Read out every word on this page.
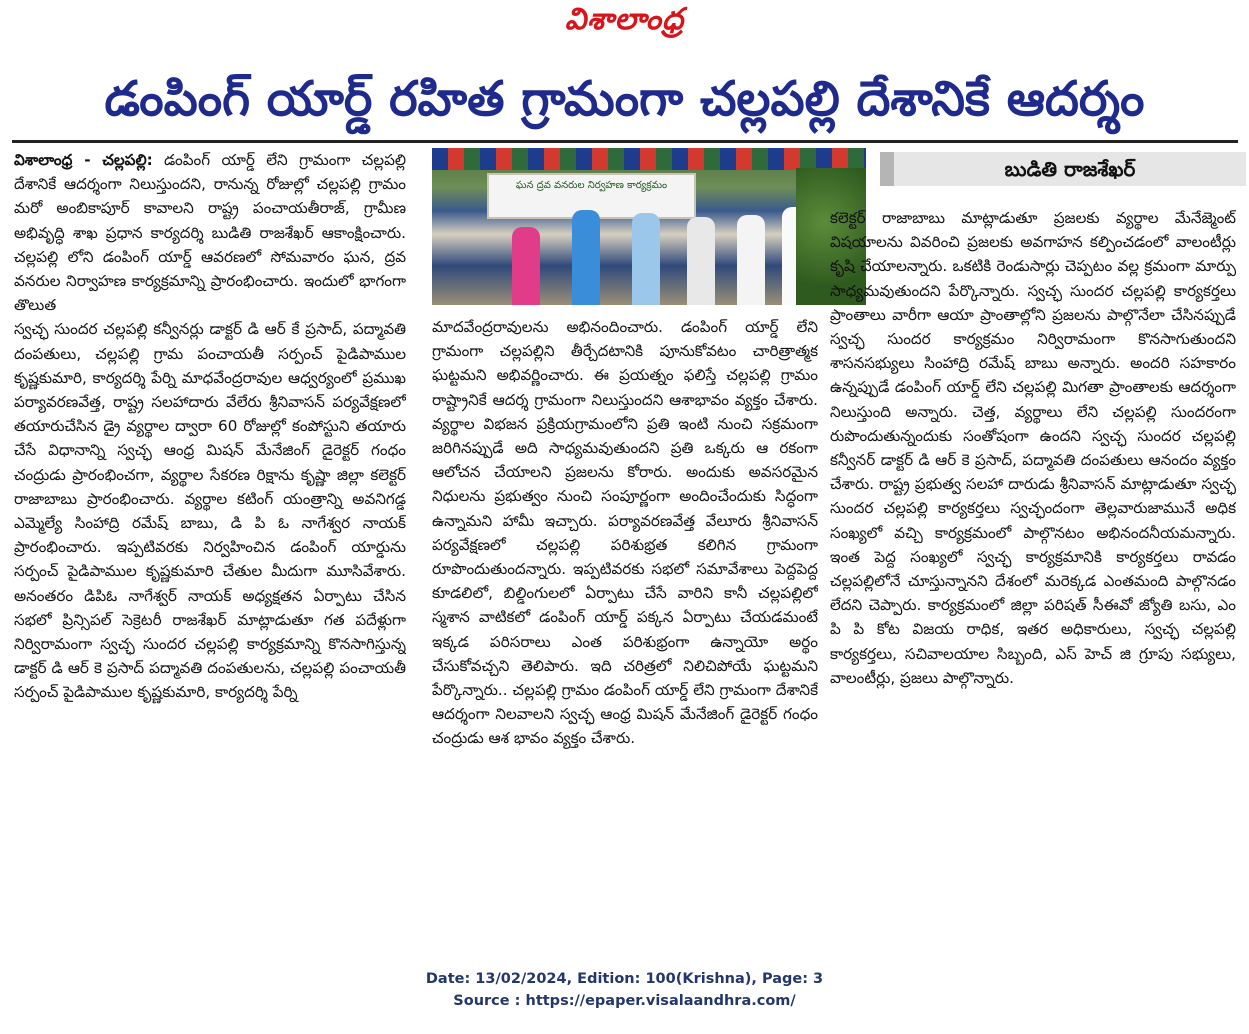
విశాలాంధ్ర
డంపింగ్ యార్డ్ రహిత గ్రామంగా చల్లపల్లి దేశానికే ఆదర్శం

విశాలాంధ్ర - చల్లపల్లి: డంపింగ్ యార్డ్ లేని గ్రామంగా చల్లపల్లి దేశానికే ఆదర్శంగా నిలుస్తుందని, రానున్న రోజుల్లో చల్లపల్లి గ్రామం మరో అంబికాపూర్ కావాలని రాష్ట్ర పంచాయతీరాజ్, గ్రామీణ అభివృద్ధి శాఖ ప్రధాన కార్యదర్శి బుడితి రాజశేఖర్ ఆకాంక్షించారు. చల్లపల్లి లోని డంపింగ్ యార్డ్ ఆవరణలో సోమవారం ఘన, ద్రవ వనరుల నిర్వాహణ కార్యక్రమాన్ని ప్రారంభించారు. ఇందులో భాగంగా తొలుత

స్వచ్ఛ సుందర చల్లపల్లి కన్వీనర్లు డాక్టర్ డి ఆర్ కే ప్రసాద్, పద్మావతి దంపతులు, చల్లపల్లి గ్రామ పంచాయతీ సర్పంచ్ పైడిపాముల కృష్ణకుమారి, కార్యదర్శి పేర్ని మాధవేంద్రరావుల ఆధ్వర్యంలో ప్రముఖ పర్యావరణవేత్త, రాష్ట్ర సలహాదారు వేలేరు శ్రీనివాసన్ పర్యవేక్షణలో తయారుచేసిన డ్రై వ్యర్థాల ద్వారా 60 రోజుల్లో కంపోస్టుని తయారు చేసే విధానాన్ని స్వచ్ఛ ఆంధ్ర మిషన్ మేనేజింగ్ డైరెక్టర్ గంధం చంద్రుడు ప్రారంభించగా, వ్యర్థాల సేకరణ రిక్షాను కృష్ణా జిల్లా కలెక్టర్ రాజాబాబు ప్రారంభించారు. వ్యర్థాల కటింగ్ యంత్రాన్ని అవనిగడ్డ ఎమ్మెల్యే సింహాద్రి రమేష్ బాబు, డి పి ఓ నాగేశ్వర నాయక్ ప్రారంభించారు. ఇప్పటివరకు నిర్వహించిన డంపింగ్ యార్డును సర్పంచ్ పైడిపాముల కృష్ణకుమారి చేతుల మీదుగా మూసివేశారు. అనంతరం డిపిఓ నాగేశ్వర్ నాయక్ అధ్యక్షతన ఏర్పాటు చేసిన సభలో ప్రిన్సిపల్ సెక్రెటరీ రాజశేఖర్ మాట్లాడుతూ గత పదేళ్లుగా నిర్విరామంగా స్వచ్ఛ సుందర చల్లపల్లి కార్యక్రమాన్ని కొనసాగిస్తున్న డాక్టర్ డి ఆర్ కె ప్రసాద్ పద్మావతి దంపతులను, చల్లపల్లి పంచాయతీ సర్పంచ్ పైడిపాముల కృష్ణకుమారి, కార్యదర్శి పేర్ని

ఘన ద్రవ వనరుల నిర్వహణ కార్యక్రమం
బుడితి రాజశేఖర్

మాదవేంద్రరావులను అభినందించారు. డంపింగ్ యార్డ్ లేని గ్రామంగా చల్లపల్లిని తీర్చేదటానికి పూనుకోవటం చారిత్రాత్మక ఘట్టమని అభివర్ణించారు. ఈ ప్రయత్నం ఫలిస్తే చల్లపల్లి గ్రామం రాష్ట్రానికే ఆదర్శ గ్రామంగా నిలుస్తుందని ఆశాభావం వ్యక్తం చేశారు. వ్యర్థాల విభజన ప్రక్రియగ్రామంలోని ప్రతి ఇంటి నుంచి సక్రమంగా జరిగినప్పుడే అది సాధ్యమవుతుందని ప్రతి ఒక్కరు ఆ రకంగా ఆలోచన చేయాలని ప్రజలను కోరారు. అందుకు అవసరమైన నిధులను ప్రభుత్వం నుంచి సంపూర్ణంగా అందించేందుకు సిద్ధంగా ఉన్నామని హామీ ఇచ్చారు. పర్యావరణవేత్త వేలూరు శ్రీనివాసన్ పర్యవేక్షణలో చల్లపల్లి పరిశుభ్రత కలిగిన గ్రామంగా రూపొందుతుందన్నారు. ఇప్పటివరకు సభలో సమావేశాలు పెద్దపెద్ద కూడలిలో, బిల్డింగులలో ఏర్పాటు చేసే వారిని కానీ చల్లపల్లిలో స్మశాన వాటికలో డంపింగ్ యార్డ్ పక్కన ఏర్పాటు చేయడమంటే ఇక్కడ పరిసరాలు ఎంత పరిశుభ్రంగా ఉన్నాయో అర్థం చేసుకోవచ్చని తెలిపారు. ఇది చరిత్రలో నిలిచిపోయే ఘట్టమని పేర్కొన్నారు.. చల్లపల్లి గ్రామం డంపింగ్ యార్డ్ లేని గ్రామంగా దేశానికే ఆదర్శంగా నిలవాలని స్వచ్ఛ ఆంధ్ర మిషన్ మేనేజింగ్ డైరెక్టర్ గంధం చంద్రుడు ఆశ భావం వ్యక్తం చేశారు.

కలెక్టర్ రాజాబాబు మాట్లాడుతూ ప్రజలకు వ్యర్థాల మేనేజ్మెంట్ విషయాలను వివరించి ప్రజలకు అవగాహన కల్పించడంలో వాలంటీర్లు కృషి చేయాలన్నారు. ఒకటికి రెండుసార్లు చెప్పటం వల్ల క్రమంగా మార్పు సాధ్యమవుతుందని పేర్కొన్నారు. స్వచ్ఛ సుందర చల్లపల్లి కార్యకర్తలు ప్రాంతాలు వారీగా ఆయా ప్రాంతాల్లోని ప్రజలను పాల్గొనేలా చేసినప్పుడే స్వచ్ఛ సుందర కార్యక్రమం నిర్విరామంగా కొనసాగుతుందని శాసనసభ్యులు సింహాద్రి రమేష్ బాబు అన్నారు. అందరి సహకారం ఉన్నప్పుడే డంపింగ్ యార్డ్ లేని చల్లపల్లి మిగతా ప్రాంతాలకు ఆదర్శంగా నిలుస్తుంది అన్నారు. చెత్త, వ్యర్థాలు లేని చల్లపల్లి సుందరంగా రుపొందుతున్నందుకు సంతోషంగా ఉందని స్వచ్ఛ సుందర చల్లపల్లి కన్వీనర్ డాక్టర్ డి ఆర్ కె ప్రసాద్, పద్మావతి దంపతులు ఆనందం వ్యక్తం చేశారు. రాష్ట్ర ప్రభుత్వ సలహా దారుడు శ్రీనివాసన్ మాట్లాడుతూ స్వచ్ఛ సుందర చల్లపల్లి కార్యకర్తలు స్వచ్ఛందంగా తెల్లవారుజామునే అధిక సంఖ్యలో వచ్చి కార్యక్రమంలో పాల్గొనటం అభినందనీయమన్నారు. ఇంత పెద్ద సంఖ్యలో స్వచ్ఛ కార్యక్రమానికి కార్యకర్తలు రావడం చల్లపల్లిలోనే చూస్తున్నానని దేశంలో మరెక్కడ ఎంతమంది పాల్గొనడం లేదని చెప్పారు. కార్యక్రమంలో జిల్లా పరిషత్ సీఈవో జ్యోతి బసు, ఎం పి పి కోట విజయ రాధిక, ఇతర అధికారులు, స్వచ్ఛ చల్లపల్లి కార్యకర్తలు, సచివాలయాల సిబ్బంది, ఎస్ హెచ్ జి గ్రూపు సభ్యులు, వాలంటీర్లు, ప్రజలు పాల్గొన్నారు.

Date: 13/02/2024, Edition: 100(Krishna), Page: 3
Source : https://epaper.visalaandhra.com/
